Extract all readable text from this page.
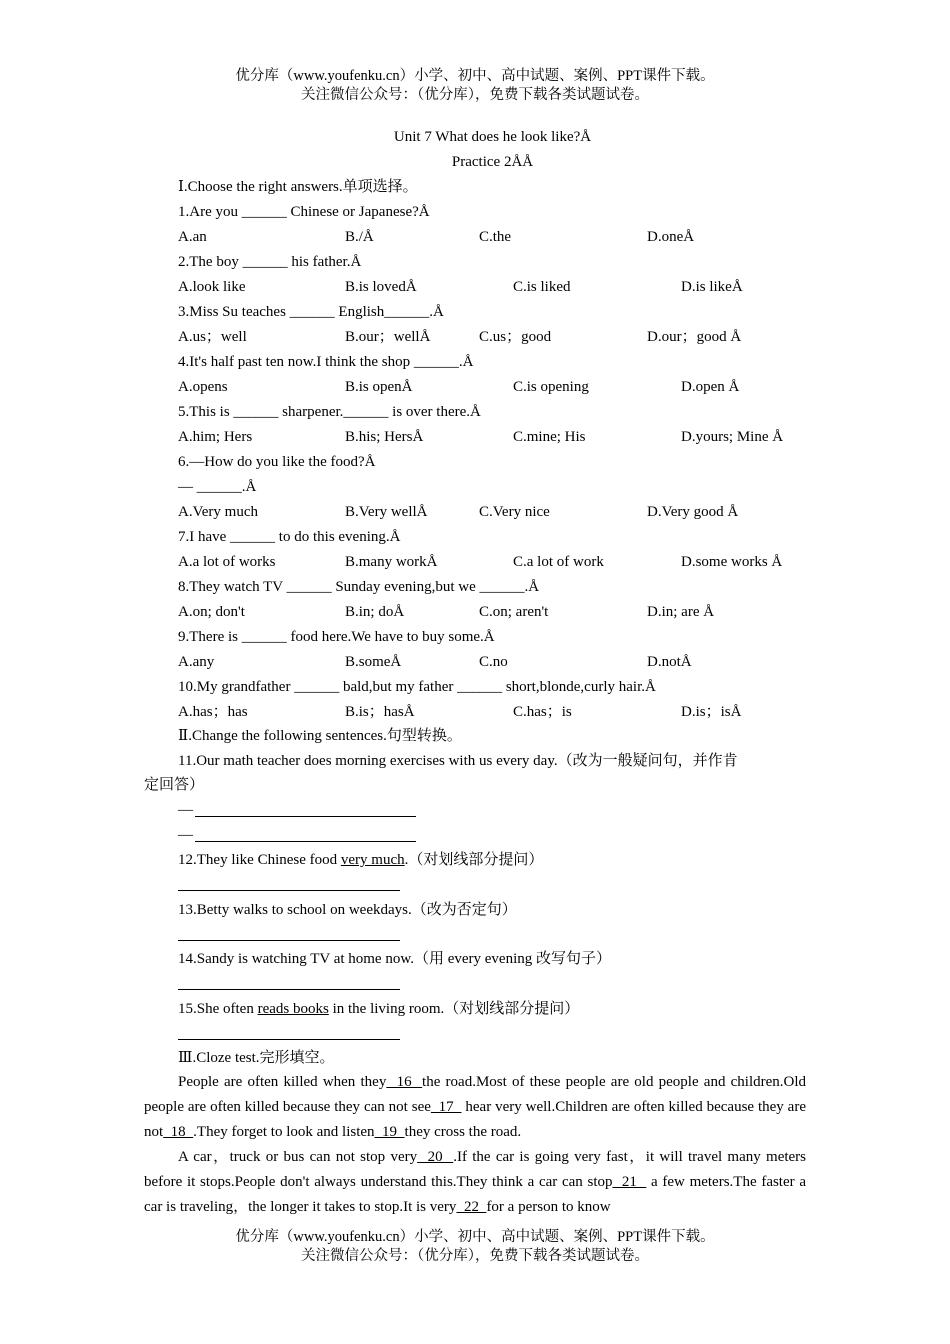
优分库（www.youfenku.cn）小学、初中、高中试题、案例、PPT课件下载。
关注微信公众号：（优分库），免费下载各类试题试卷。
Unit 7 What does he look like?Å
Practice 2ÅÅ
Ⅰ.Choose the right answers.单项选择。
1.Are you ______ Chinese or Japanese?Å
A.an	B./Å	C.the	D.oneÅ
2.The boy ______ his father.Å
A.look like	B.is lovedÅ	C.is liked	D.is likeÅ
3.Miss Su teaches ______ English______.Å
A.us；well	B.our；wellÅ	C.us；good	D.our；good Å
4.It's half past ten now.I think the shop ______.Å
A.opens	B.is openÅ	C.is opening	D.open Å
5.This is ______ sharpener.______ is over there.Å
A.him; Hers	B.his; HersÅ	C.mine; His	D.yours; Mine Å
6.—How do you like the food?Å
— ______.Å
A.Very much	B.Very wellÅ	C.Very nice	D.Very good Å
7.I have ______ to do this evening.Å
A.a lot of works	B.many workÅ	C.a lot of work	D.some works Å
8.They watch TV ______ Sunday evening,but we ______.Å
A.on; don't	B.in; doÅ	C.on; aren't	D.in; are Å
9.There is ______ food here.We have to buy some.Å
A.any	B.someÅ	C.no	D.notÅ
10.My grandfather ______ bald,but my father ______ short,blonde,curly hair.Å
A.has；has	B.is；hasÅ	C.has；is	D.is；isÅ
Ⅱ.Change the following sentences.句型转换。
11.Our math teacher does morning exercises with us every day.（改为一般疑问句，并作肯
定回答）
—
—
12.They like Chinese food very much.（对划线部分提问）
13.Betty walks to school on weekdays.（改为否定句）
14.Sandy is watching TV at home now.（用 every evening 改写句子）
15.She often reads books in the living room.（对划线部分提问）
Ⅲ.Cloze test.完形填空。

People are often killed when they  16  the road.Most of these people are old people and children.Old people are often killed because they can not see  17   hear very well.Children are often killed because they are not  18  .They forget to look and listen  19  they cross the road.

A car，truck or bus can not stop very  20  .If the car is going very fast，it will travel many meters before it stops.People don't always understand this.They think a car can stop  21   a few meters.The faster a car is traveling，the longer it takes to stop.It is very  22  for a person to know

优分库（www.youfenku.cn）小学、初中、高中试题、案例、PPT课件下载。
关注微信公众号：（优分库），免费下载各类试题试卷。
